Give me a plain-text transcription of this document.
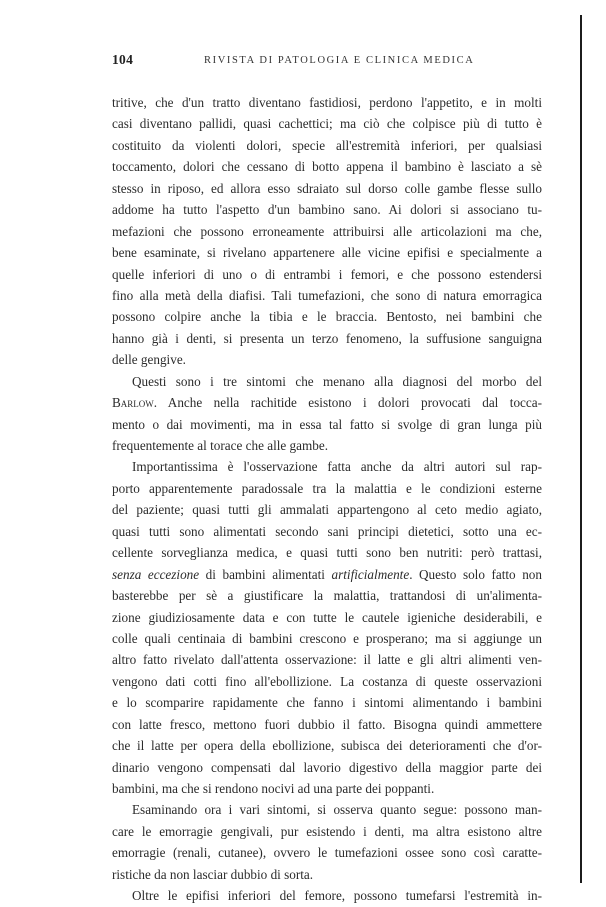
104	RIVISTA DI PATOLOGIA E CLINICA MEDICA
tritive, che d'un tratto diventano fastidiosi, perdono l'appetito, e in molti
casi diventano pallidi, quasi cachettici; ma ciò che colpisce più di tutto è
costituito da violenti dolori, specie all'estremità inferiori, per qualsiasi
toccamento, dolori che cessano di botto appena il bambino è lasciato a sè
stesso in riposo, ed allora esso sdraiato sul dorso colle gambe flesse sullo
addome ha tutto l'aspetto d'un bambino sano. Ai dolori si associano tu-
mefazioni che possono erroneamente attribuirsi alle articolazioni ma che,
bene esaminate, si rivelano appartenere alle vicine epifisi e specialmente a
quelle inferiori di uno o di entrambi i femori, e che possono estendersi
fino alla metà della diafisi. Tali tumefazioni, che sono di natura emorragica
possono colpire anche la tibia e le braccia. Bentosto, nei bambini che
hanno già i denti, si presenta un terzo fenomeno, la suffusione sanguigna
delle gengive.
Questi sono i tre sintomi che menano alla diagnosi del morbo del
Barlow. Anche nella rachitide esistono i dolori provocati dal tocca-
mento o dai movimenti, ma in essa tal fatto si svolge di gran lunga più
frequentemente al torace che alle gambe.
Importantissima è l'osservazione fatta anche da altri autori sul rap-
porto apparentemente paradossale tra la malattia e le condizioni esterne
del paziente; quasi tutti gli ammalati appartengono al ceto medio agiato,
quasi tutti sono alimentati secondo sani principi dietetici, sotto una ec-
cellente sorveglianza medica, e quasi tutti sono ben nutriti: però trattasi,
senza eccezione di bambini alimentati artificialmente. Questo solo fatto non
basterebbe per sè a giustificare la malattia, trattandosi di un'alimenta-
zione giudiziosamente data e con tutte le cautele igieniche desiderabili, e
colle quali centinaia di bambini crescono e prosperano; ma si aggiunge un
altro fatto rivelato dall'attenta osservazione: il latte e gli altri alimenti ven-
vengono dati cotti fino all'ebollizione. La costanza di queste osservazioni
e lo scomparire rapidamente che fanno i sintomi alimentando i bambini
con latte fresco, mettono fuori dubbio il fatto. Bisogna quindi ammettere
che il latte per opera della ebollizione, subisca dei deterioramenti che d'or-
dinario vengono compensati dal lavorio digestivo della maggior parte dei
bambini, ma che si rendono nocivi ad una parte dei poppanti.
Esaminando ora i vari sintomi, si osserva quanto segue: possono man-
care le emorragie gengivali, pur esistendo i denti, ma altra esistono altre
emorragie (renali, cutanee), ovvero le tumefazioni ossee sono così caratte-
ristiche da non lasciar dubbio di sorta.
Oltre le epifisi inferiori del femore, possono tumefarsi l'estremità in-
